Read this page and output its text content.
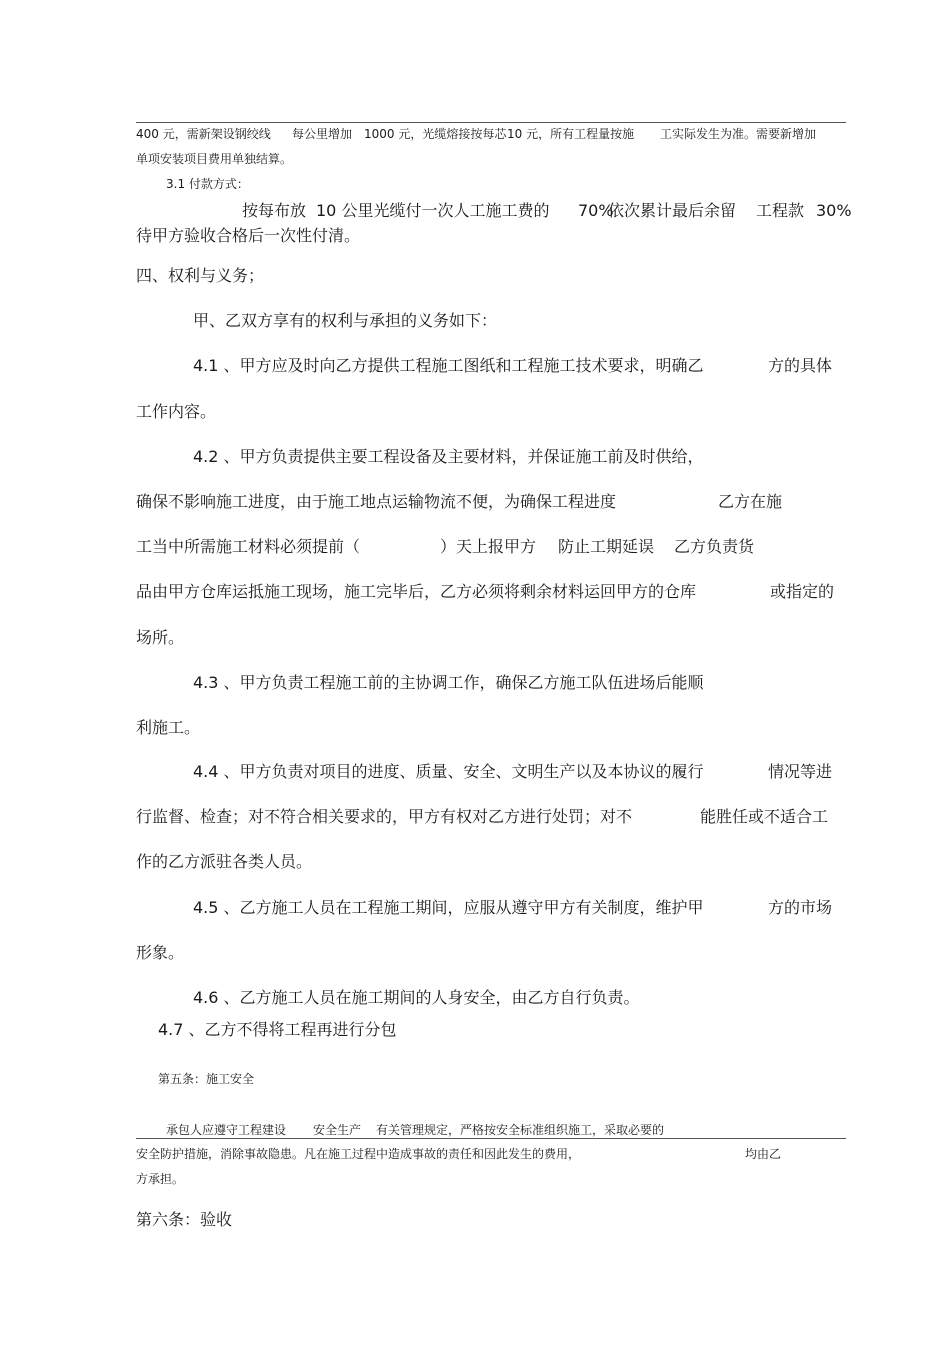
400 元，需新架设钢绞线 每公里增加 1000 元，光缆熔接按每芯 10 元，所有工程量按施 工实际发生为准。需要新增加
单项安装项目费用单独结算。
3.1 付款方式：
按每布放 10 公里光缆付一次人工施工费的 70%
依次累计最后余留 工程款 30%
待甲方验收合格后一次性付清。
四、权利与义务；
甲、乙双方享有的权利与承担的义务如下：
4.1 、甲方应及时向乙方提供工程施工图纸和工程施工技术要求，明确乙	方的具体
工作内容。
4.2 、甲方负责提供主要工程设备及主要材料，并保证施工前及时供给，
确保不影响施工进度，由于施工地点运输物流不便，为确保工程进度	乙方在施
工当中所需施工材料必须提前（	）天上报甲方 防止工期延误 乙方负责货
品由甲方仓库运抵施工现场，施工完毕后，乙方必须将剩余材料运回甲方的仓库	或指定的
场所。
4.3 、甲方负责工程施工前的主协调工作，确保乙方施工队伍进场后能顺
利施工。
4.4 、甲方负责对项目的进度、质量、安全、文明生产以及本协议的履行	情况等进
行监督、检查；对不符合相关要求的，甲方有权对乙方进行处罚；对不	能胜任或不适合工
作的乙方派驻各类人员。
4.5 、乙方施工人员在工程施工期间，应服从遵守甲方有关制度，维护甲	方的市场
形象。
4.6 、乙方施工人员在施工期间的人身安全，由乙方自行负责。
4.7 、乙方不得将工程再进行分包
第五条：施工安全
承包人应遵守工程建设 安全生产 有关管理规定，严格按安全标准组织施工，采取必要的
安全防护措施，消除事故隐患。凡在施工过程中造成事故的责任和因此发生的费用，	均由乙
方承担。
第六条：验收
